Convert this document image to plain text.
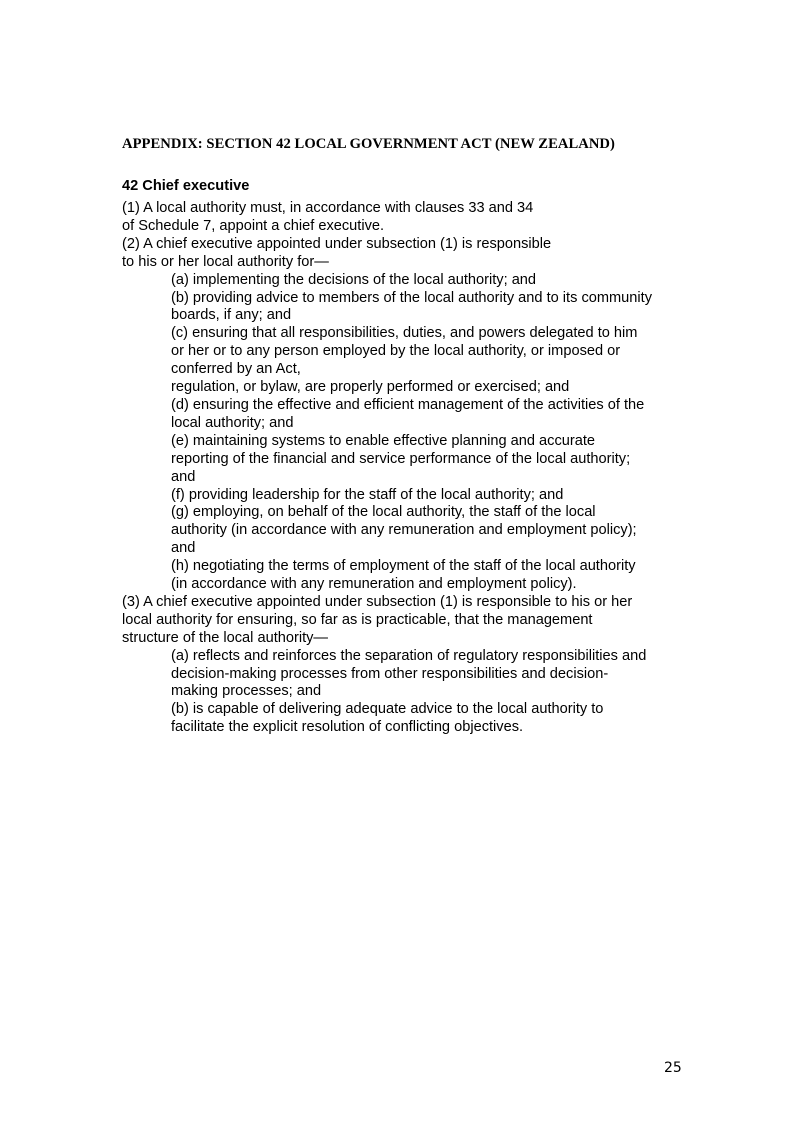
APPENDIX: SECTION 42 LOCAL GOVERNMENT ACT (NEW ZEALAND)
42 Chief executive
(1) A local authority must, in accordance with clauses 33 and 34
of Schedule 7, appoint a chief executive.
(2) A chief executive appointed under subsection (1) is responsible
to his or her local authority for—
(a) implementing the decisions of the local authority; and
(b) providing advice to members of the local authority and to its community
boards, if any; and
(c) ensuring that all responsibilities, duties, and powers delegated to him
or her or to any person employed by the local authority, or imposed or
conferred by an Act,
regulation, or bylaw, are properly performed or exercised; and
(d) ensuring the effective and efficient management of the activities of the
local authority; and
(e) maintaining systems to enable effective planning and accurate
reporting of the financial and service performance of the local authority;
and
(f) providing leadership for the staff of the local authority; and
(g) employing, on behalf of the local authority, the staff of the local
authority (in accordance with any remuneration and employment policy);
and
(h) negotiating the terms of employment of the staff of the local authority
(in accordance with any remuneration and employment policy).
(3) A chief executive appointed under subsection (1) is responsible to his or her
local authority for ensuring, so far as is practicable, that the management
structure of the local authority—
(a) reflects and reinforces the separation of regulatory responsibilities and
decision-making processes from other responsibilities and decision-
making processes; and
(b) is capable of delivering adequate advice to the local authority to
facilitate the explicit resolution of conflicting objectives.
25
